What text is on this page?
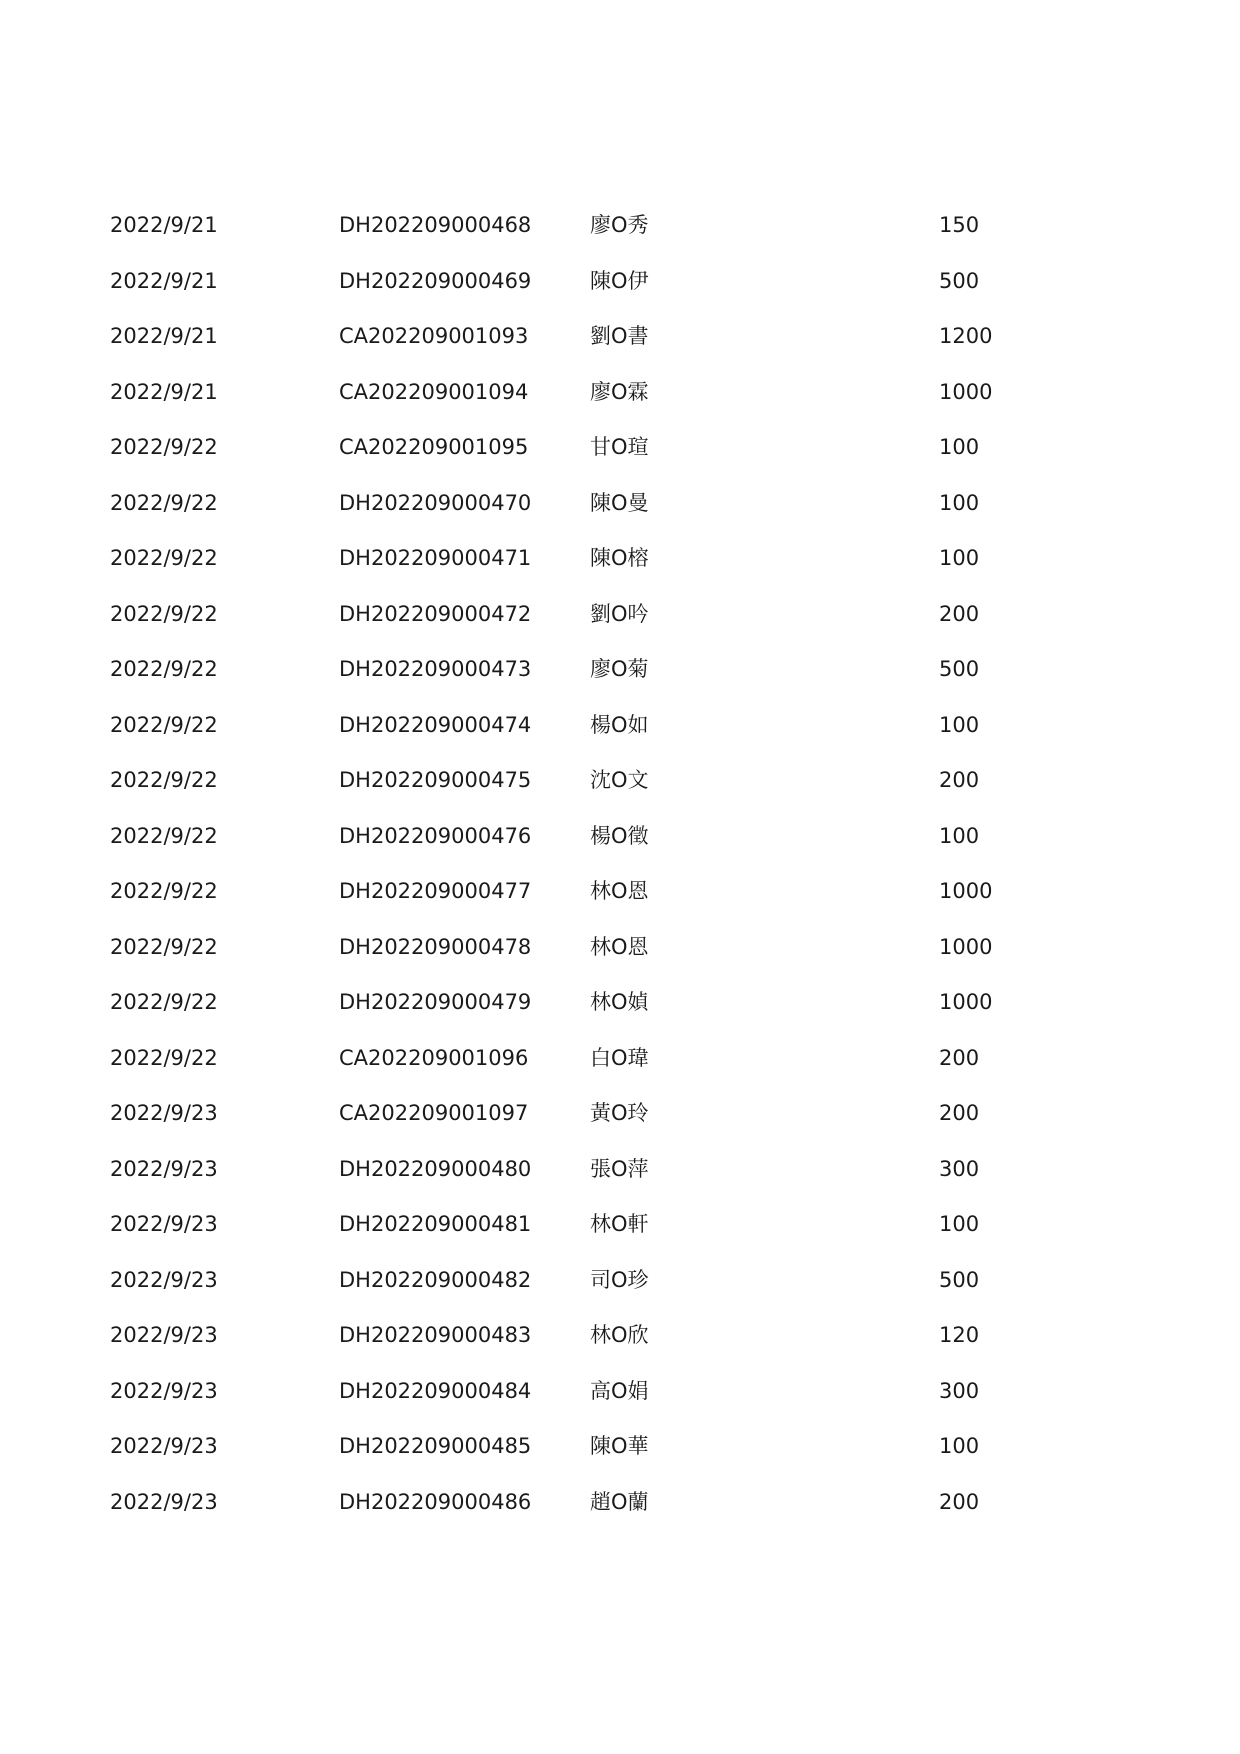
2022/9/21	DH202209000468	廖O秀	150
2022/9/21	DH202209000469	陳O伊	500
2022/9/21	CA202209001093	劉O書	1200
2022/9/21	CA202209001094	廖O霖	1000
2022/9/22	CA202209001095	甘O瑄	100
2022/9/22	DH202209000470	陳O曼	100
2022/9/22	DH202209000471	陳O榕	100
2022/9/22	DH202209000472	劉O吟	200
2022/9/22	DH202209000473	廖O菊	500
2022/9/22	DH202209000474	楊O如	100
2022/9/22	DH202209000475	沈O文	200
2022/9/22	DH202209000476	楊O徵	100
2022/9/22	DH202209000477	林O恩	1000
2022/9/22	DH202209000478	林O恩	1000
2022/9/22	DH202209000479	林O媜	1000
2022/9/22	CA202209001096	白O瑋	200
2022/9/23	CA202209001097	黃O玲	200
2022/9/23	DH202209000480	張O萍	300
2022/9/23	DH202209000481	林O軒	100
2022/9/23	DH202209000482	司O珍	500
2022/9/23	DH202209000483	林O欣	120
2022/9/23	DH202209000484	高O娟	300
2022/9/23	DH202209000485	陳O華	100
2022/9/23	DH202209000486	趙O蘭	200
